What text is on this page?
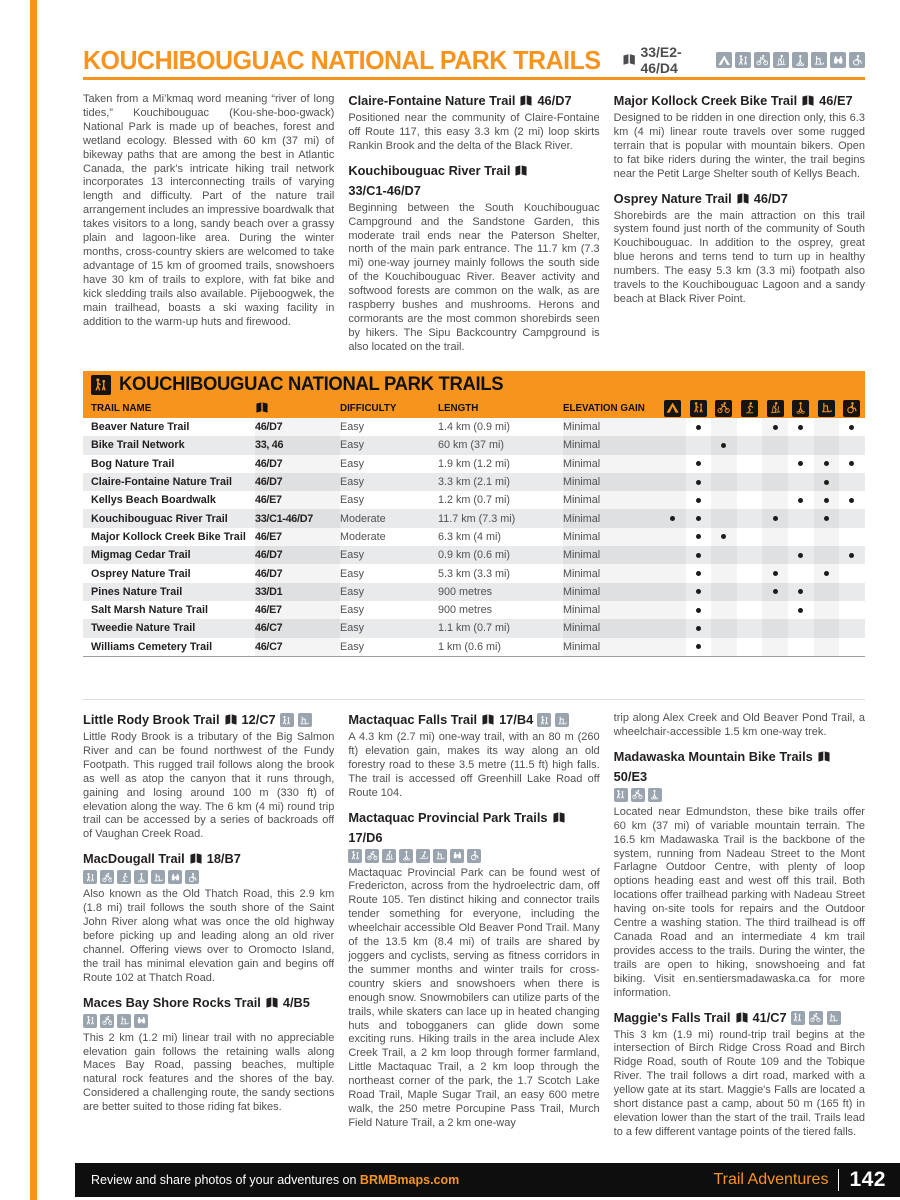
KOUCHIBOUGUAC NATIONAL PARK TRAILS	33/E2-46/D4

Taken from a Mi’kmaq word meaning “river of long tides,” Kouchibouguac (Kou-she-boo-gwack) National Park is made up of beaches, forest and wetland ecology. Blessed with 60 km (37 mi) of bikeway paths that are among the best in Atlantic Canada, the park’s intricate hiking trail network incorporates 13 interconnecting trails of varying length and difficulty. Part of the nature trail arrangement includes an impressive boardwalk that takes visitors to a long, sandy beach over a grassy plain and lagoon-like area. During the winter months, cross-country skiers are welcomed to take advantage of 15 km of groomed trails, snowshoers have 30 km of trails to explore, with fat bike and kick sledding trails also available. Pijeboogwek, the main trailhead, boasts a ski waxing facility in addition to the warm-up huts and firewood.

Claire-Fontaine Nature Trail 46/D7

Positioned near the community of Claire-Fontaine off Route 117, this easy 3.3 km (2 mi) loop skirts Rankin Brook and the delta of the Black River.

Kouchibouguac River Trail
33/C1-46/D7

Beginning between the South Kouchibouguac Campground and the Sandstone Garden, this moderate trail ends near the Paterson Shelter, north of the main park entrance. The 11.7 km (7.3 mi) one-way journey mainly follows the south side of the Kouchibouguac River. Beaver activity and softwood forests are common on the walk, as are raspberry bushes and mushrooms. Herons and cormorants are the most common shorebirds seen by hikers. The Sipu Backcountry Campground is also located on the trail.

Major Kollock Creek Bike Trail 46/E7

Designed to be ridden in one direction only, this 6.3 km (4 mi) linear route travels over some rugged terrain that is popular with mountain bikers. Open to fat bike riders during the winter, the trail begins near the Petit Large Shelter south of Kellys Beach.

Osprey Nature Trail 46/D7

Shorebirds are the main attraction on this trail system found just north of the community of South Kouchibouguac. In addition to the osprey, great blue herons and terns tend to turn up in healthy numbers. The easy 5.3 km (3.3 mi) footpath also travels to the Kouchibouguac Lagoon and a sandy beach at Black River Point.

KOUCHIBOUGUAC NATIONAL PARK TRAILS
TRAIL NAME	DIFFICULTY	LENGTH	ELEVATION GAIN
Beaver Nature Trail	46/D7	Easy	1.4 km (0.9 mi)	Minimal
Bike Trail Network	33, 46	Easy	60 km (37 mi)	Minimal
Bog Nature Trail	46/D7	Easy	1.9 km (1.2 mi)	Minimal
Claire-Fontaine Nature Trail	46/D7	Easy	3.3 km (2.1 mi)	Minimal
Kellys Beach Boardwalk	46/E7	Easy	1.2 km (0.7 mi)	Minimal
Kouchibouguac River Trail	33/C1-46/D7	Moderate	11.7 km (7.3 mi)	Minimal
Major Kollock Creek Bike Trail 46/E7	Moderate	6.3 km (4 mi)	Minimal
Migmag Cedar Trail	46/D7	Easy	0.9 km (0.6 mi)	Minimal
Osprey Nature Trail	46/D7	Easy	5.3 km (3.3 mi)	Minimal
Pines Nature Trail	33/D1	Easy	900 metres	Minimal
Salt Marsh Nature Trail	46/E7	Easy	900 metres	Minimal
Tweedie Nature Trail	46/C7	Easy	1.1 km (0.7 mi)	Minimal
Williams Cemetery Trail	46/C7	Easy	1 km (0.6 mi)	Minimal
Little Rody Brook Trail 12/C7

Little Rody Brook is a tributary of the Big Salmon River and can be found northwest of the Fundy Footpath. This rugged trail follows along the brook as well as atop the canyon that it runs through, gaining and losing around 100 m (330 ft) of elevation along the way. The 6 km (4 mi) round trip trail can be accessed by a series of backroads off of Vaughan Creek Road.

MacDougall Trail 18/B7

Also known as the Old Thatch Road, this 2.9 km (1.8 mi) trail follows the south shore of the Saint John River along what was once the old highway before picking up and leading along an old river channel. Offering views over to Oromocto Island, the trail has minimal elevation gain and begins off Route 102 at Thatch Road.

Maces Bay Shore Rocks Trail 4/B5

This 2 km (1.2 mi) linear trail with no appreciable elevation gain follows the retaining walls along Maces Bay Road, passing beaches, multiple natural rock features and the shores of the bay. Considered a challenging route, the sandy sections are better suited to those riding fat bikes.

Mactaquac Falls Trail 17/B4

A 4.3 km (2.7 mi) one-way trail, with an 80 m (260 ft) elevation gain, makes its way along an old forestry road to these 3.5 metre (11.5 ft) high falls. The trail is accessed off Greenhill Lake Road off Route 104.

Mactaquac Provincial Park Trails
17/D6

Mactaquac Provincial Park can be found west of Fredericton, across from the hydroelectric dam, off Route 105. Ten distinct hiking and connector trails tender something for everyone, including the wheelchair accessible Old Beaver Pond Trail. Many of the 13.5 km (8.4 mi) of trails are shared by joggers and cyclists, serving as fitness corridors in the summer months and winter trails for cross-country skiers and snowshoers when there is enough snow. Snowmobilers can utilize parts of the trails, while skaters can lace up in heated changing huts and tobogganers can glide down some exciting runs. Hiking trails in the area include Alex Creek Trail, a 2 km loop through former farmland, Little Mactaquac Trail, a 2 km loop through the northeast corner of the park, the 1.7 Scotch Lake Road Trail, Maple Sugar Trail, an easy 600 metre walk, the 250 metre Porcupine Pass Trail, Murch Field Nature Trail, a 2 km one-way

trip along Alex Creek and Old Beaver Pond Trail, a wheelchair-accessible 1.5 km one-way trek.

Madawaska Mountain Bike Trails
50/E3

Located near Edmundston, these bike trails offer 60 km (37 mi) of variable mountain terrain. The 16.5 km Madawaska Trail is the backbone of the system, running from Nadeau Street to the Mont Farlagne Outdoor Centre, with plenty of loop options heading east and west off this trail. Both locations offer trailhead parking with Nadeau Street having on-site tools for repairs and the Outdoor Centre a washing station. The third trailhead is off Canada Road and an intermediate 4 km trail provides access to the trails. During the winter, the trails are open to hiking, snowshoeing and fat biking. Visit en.sentiersmadawaska.ca for more information.

Maggie's Falls Trail 41/C7

This 3 km (1.9 mi) round-trip trail begins at the intersection of Birch Ridge Cross Road and Birch Ridge Road, south of Route 109 and the Tobique River. The trail follows a dirt road, marked with a yellow gate at its start. Maggie's Falls are located a short distance past a camp, about 50 m (165 ft) in elevation lower than the start of the trail. Trails lead to a few different vantage points of the tiered falls.

Review and share photos of your adventures on BRMBmaps.com	Trail Adventures 142
